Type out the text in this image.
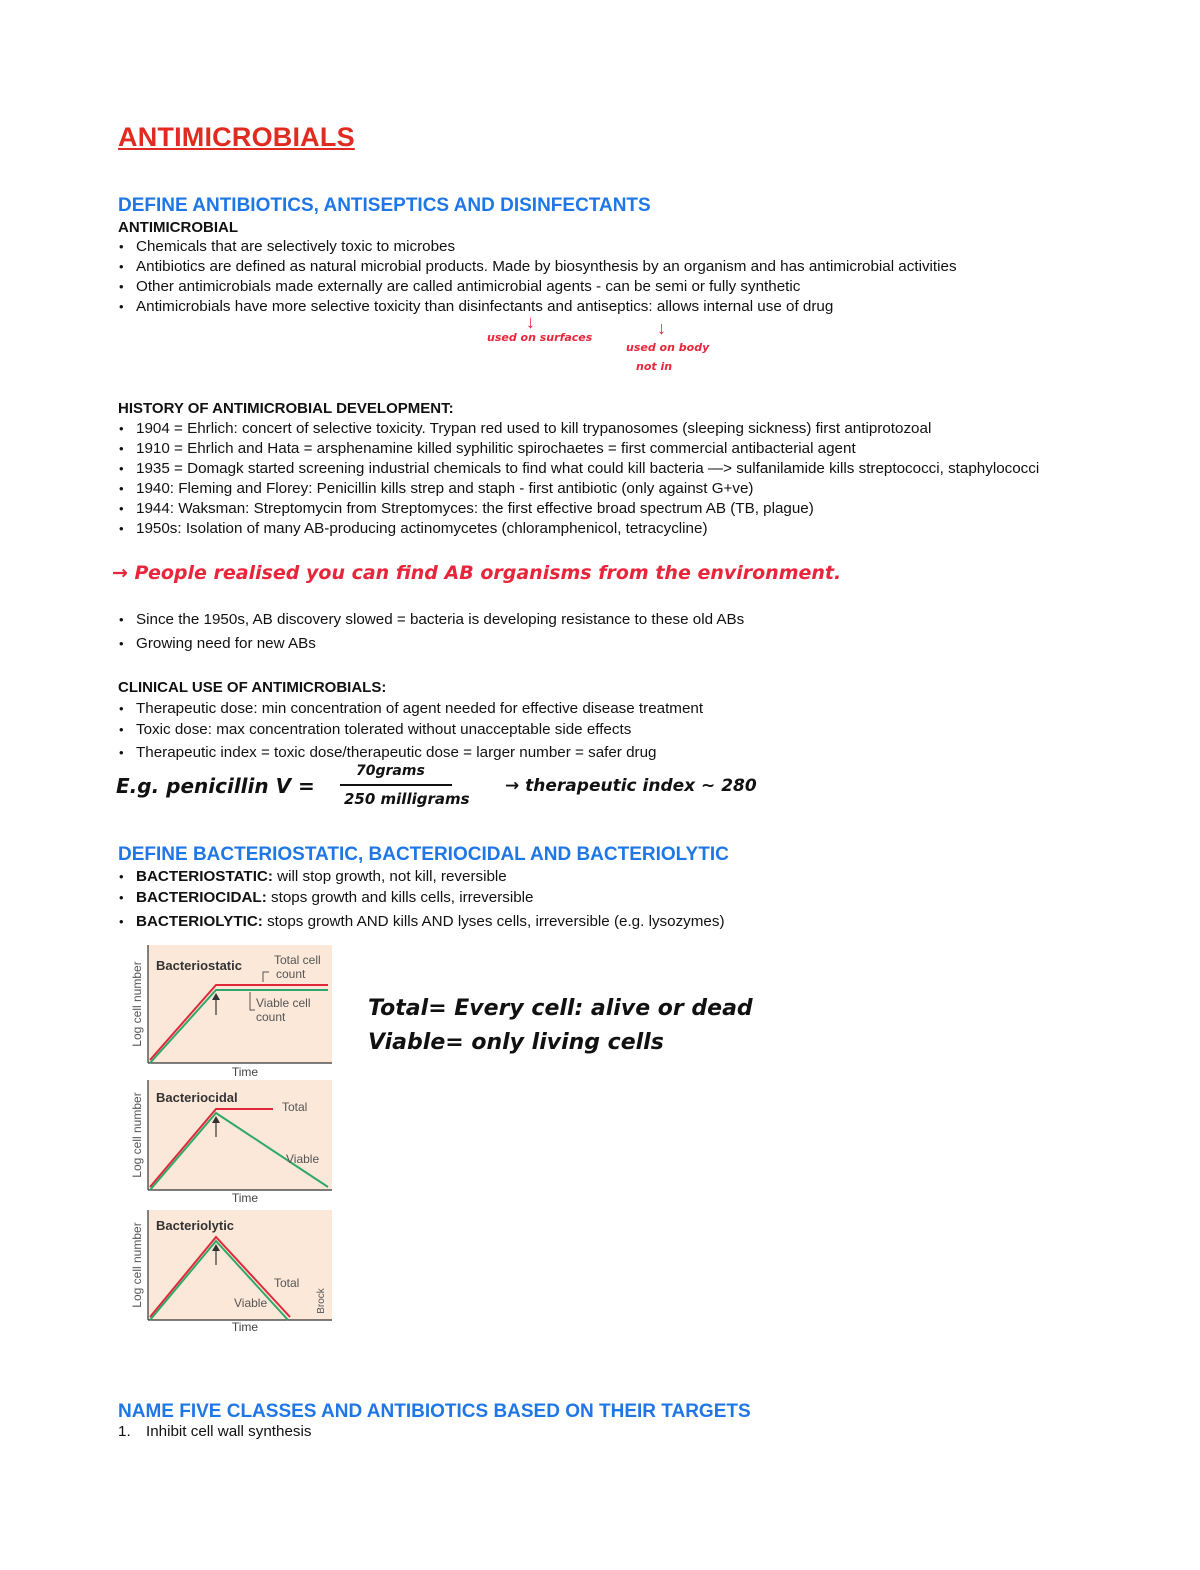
ANTIMICROBIALS
DEFINE ANTIBIOTICS, ANTISEPTICS AND DISINFECTANTS
ANTIMICROBIAL
• Chemicals that are selectively toxic to microbes
• Antibiotics are defined as natural microbial products. Made by biosynthesis by an organism and has antimicrobial activities
• Other antimicrobials made externally are called antimicrobial agents - can be semi or fully synthetic
• Antimicrobials have more selective toxicity than disinfectants and antiseptics: allows internal use of drug
↓
used on surfaces	↓
used on body
not in
HISTORY OF ANTIMICROBIAL DEVELOPMENT:
• 1904 = Ehrlich: concert of selective toxicity. Trypan red used to kill trypanosomes (sleeping sickness) first antiprotozoal
• 1910 = Ehrlich and Hata = arsphenamine killed syphilitic spirochaetes = first commercial antibacterial agent
• 1935 = Domagk started screening industrial chemicals to find what could kill bacteria —> sulfanilamide kills streptococci, staphylococci
• 1940: Fleming and Florey: Penicillin kills strep and staph - first antibiotic (only against G+ve)
• 1944: Waksman: Streptomycin from Streptomyces: the first effective broad spectrum AB (TB, plague)
• 1950s: Isolation of many AB-producing actinomycetes (chloramphenicol, tetracycline)
→ People realised you can find AB organisms from the environment.
• Since the 1950s, AB discovery slowed = bacteria is developing resistance to these old ABs
• Growing need for new ABs
CLINICAL USE OF ANTIMICROBIALS:
• Therapeutic dose: min concentration of agent needed for effective disease treatment
• Toxic dose: max concentration tolerated without unacceptable side effects
• Therapeutic index = toxic dose/therapeutic dose = larger number = safer drug
E.g. penicillin V =
70grams
250 milligrams
→ therapeutic index ~ 280
DEFINE BACTERIOSTATIC, BACTERIOCIDAL AND BACTERIOLYTIC
• BACTERIOSTATIC: will stop growth, not kill, reversible
• BACTERIOCIDAL: stops growth and kills cells, irreversible
• BACTERIOLYTIC: stops growth AND kills AND lyses cells, irreversible (e.g. lysozymes)
Log cell number
Time
Bacteriostatic	Total cell
count
Viable cell
count
Log cell number
Time
Bacteriocidal
Total
Viable
Log cell number
Time
Bacteriolytic
Total
Viable	Brock
Total= Every cell: alive or dead
Viable= only living cells
NAME FIVE CLASSES AND ANTIBIOTICS BASED ON THEIR TARGETS

1. Inhibit cell wall synthesis
